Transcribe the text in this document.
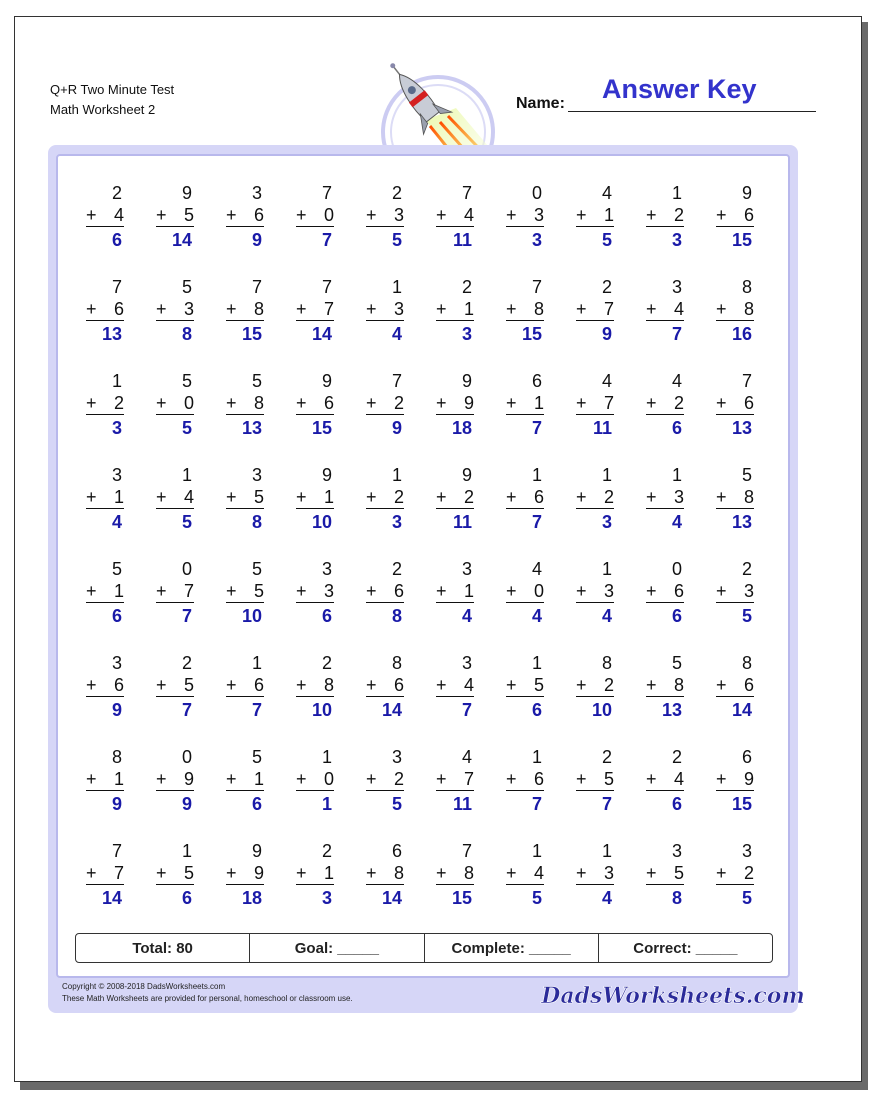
Q+R Two Minute Test
Math Worksheet 2
Answer Key
Name:
2
+ 4
6
9
+ 5
14
3
+ 6
9
7
+ 0
7
2
+ 3
5
7
+ 4
11
0
+ 3
3
4
+ 1
5
1
+ 2
3
9
+ 6
15
7
+ 6
13
5
+ 3
8
7
+ 8
15
7
+ 7
14
1
+ 3
4
2
+ 1
3
7
+ 8
15
2
+ 7
9
3
+ 4
7
8
+ 8
16
1
+ 2
3
5
+ 0
5
5
+ 8
13
9
+ 6
15
7
+ 2
9
9
+ 9
18
6
+ 1
7
4
+ 7
11
4
+ 2
6
7
+ 6
13
3
+ 1
4
1
+ 4
5
3
+ 5
8
9
+ 1
10
1
+ 2
3
9
+ 2
11
1
+ 6
7
1
+ 2
3
1
+ 3
4
5
+ 8
13
5
+ 1
6
0
+ 7
7
5
+ 5
10
3
+ 3
6
2
+ 6
8
3
+ 1
4
4
+ 0
4
1
+ 3
4
0
+ 6
6
2
+ 3
5
3
+ 6
9
2
+ 5
7
1
+ 6
7
2
+ 8
10
8
+ 6
14
3
+ 4
7
1
+ 5
6
8
+ 2
10
5
+ 8
13
8
+ 6
14
8
+ 1
9
0
+ 9
9
5
+ 1
6
1
+ 0
1
3
+ 2
5
4
+ 7
11
1
+ 6
7
2
+ 5
7
2
+ 4
6
6
+ 9
15
7
+ 7
14
1
+ 5
6
9
+ 9
18
2
+ 1
3
6
+ 8
14
7
+ 8
15
1
+ 4
5
1
+ 3
4
3
+ 5
8
3
+ 2
5
Total: 80	Goal: _____	Complete: _____	Correct: _____
Copyright © 2008-2018 DadsWorksheets.com
These Math Worksheets are provided for personal, homeschool or classroom use.	DadsWorksheets.com
